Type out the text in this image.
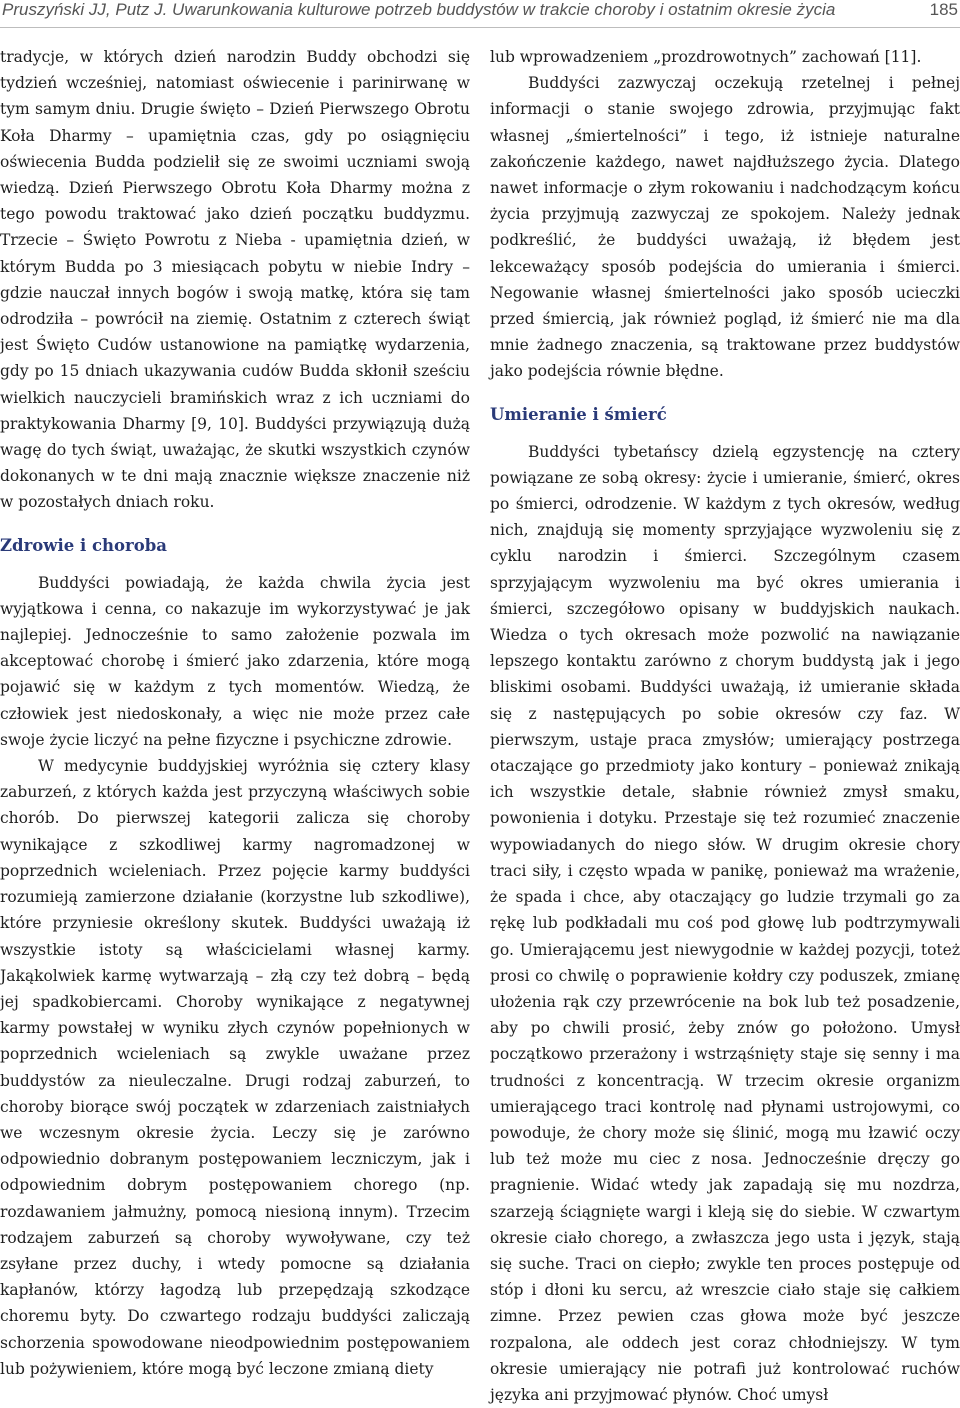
Pruszyński JJ, Putz J. Uwarunkowania kulturowe potrzeb buddystów w trakcie choroby i ostatnim okresie życia	185

tradycje, w których dzień narodzin Buddy obchodzi się tydzień wcześniej, natomiast oświecenie i parinirwanę w tym samym dniu. Drugie święto – Dzień Pierwszego Obrotu Koła Dharmy – upamiętnia czas, gdy po osiągnięciu oświecenia Budda podzielił się ze swoimi uczniami swoją wiedzą. Dzień Pierwszego Obrotu Koła Dharmy można z tego powodu traktować jako dzień początku buddyzmu. Trzecie – Święto Powrotu z Nieba - upamiętnia dzień, w którym Budda po 3 miesiącach pobytu w niebie Indry – gdzie nauczał innych bogów i swoją matkę, która się tam odrodziła – powrócił na ziemię. Ostatnim z czterech świąt jest Święto Cudów ustanowione na pamiątkę wydarzenia, gdy po 15 dniach ukazywania cudów Budda skłonił sześciu wielkich nauczycieli bramińskich wraz z ich uczniami do praktykowania Dharmy [9, 10]. Buddyści przywiązują dużą wagę do tych świąt, uważając, że skutki wszystkich czynów dokonanych w te dni mają znacznie większe znaczenie niż w pozostałych dniach roku.

Zdrowie i choroba

Buddyści powiadają, że każda chwila życia jest wyjątkowa i cenna, co nakazuje im wykorzystywać je jak najlepiej. Jednocześnie to samo założenie pozwala im akceptować chorobę i śmierć jako zdarzenia, które mogą pojawić się w każdym z tych momentów. Wiedzą, że człowiek jest niedoskonały, a więc nie może przez całe swoje życie liczyć na pełne fizyczne i psychiczne zdrowie.

W medycynie buddyjskiej wyróżnia się cztery klasy zaburzeń, z których każda jest przyczyną właściwych sobie chorób. Do pierwszej kategorii zalicza się choroby wynikające z szkodliwej karmy nagromadzonej w poprzednich wcieleniach. Przez pojęcie karmy buddyści rozumieją zamierzone działanie (korzystne lub szkodliwe), które przyniesie określony skutek. Buddyści uważają iż wszystkie istoty są właścicielami własnej karmy. Jakąkolwiek karmę wytwarzają – złą czy też dobrą – będą jej spadkobiercami. Choroby wynikające z negatywnej karmy powstałej w wyniku złych czynów popełnionych w poprzednich wcieleniach są zwykle uważane przez buddystów za nieuleczalne. Drugi rodzaj zaburzeń, to choroby biorące swój początek w zdarzeniach zaistniałych we wczesnym okresie życia. Leczy się je zarówno odpowiednio dobranym postępowaniem leczniczym, jak i odpowiednim dobrym postępowaniem chorego (np. rozdawaniem jałmużny, pomocą niesioną innym). Trzecim rodzajem zaburzeń są choroby wywoływane, czy też zsyłane przez duchy, i wtedy pomocne są działania kapłanów, którzy łagodzą lub przepędzają szkodzące choremu byty. Do czwartego rodzaju buddyści zaliczają schorzenia spowodowane nieodpowiednim postępowaniem lub pożywieniem, które mogą być leczone zmianą diety

lub wprowadzeniem „prozdrowotnych” zachowań [11].

Buddyści zazwyczaj oczekują rzetelnej i pełnej informacji o stanie swojego zdrowia, przyjmując fakt własnej „śmiertelności” i tego, iż istnieje naturalne zakończenie każdego, nawet najdłuższego życia. Dlatego nawet informacje o złym rokowaniu i nadchodzącym końcu życia przyjmują zazwyczaj ze spokojem. Należy jednak podkreślić, że buddyści uważają, iż błędem jest lekceważący sposób podejścia do umierania i śmierci. Negowanie własnej śmiertelności jako sposób ucieczki przed śmiercią, jak również pogląd, iż śmierć nie ma dla mnie żadnego znaczenia, są traktowane przez buddystów jako podejścia równie błędne.

Umieranie i śmierć

Buddyści tybetańscy dzielą egzystencję na cztery powiązane ze sobą okresy: życie i umieranie, śmierć, okres po śmierci, odrodzenie. W każdym z tych okresów, według nich, znajdują się momenty sprzyjające wyzwoleniu się z cyklu narodzin i śmierci. Szczególnym czasem sprzyjającym wyzwoleniu ma być okres umierania i śmierci, szczegółowo opisany w buddyjskich naukach. Wiedza o tych okresach może pozwolić na nawiązanie lepszego kontaktu zarówno z chorym buddystą jak i jego bliskimi osobami. Buddyści uważają, iż umieranie składa się z następujących po sobie okresów czy faz. W pierwszym, ustaje praca zmysłów; umierający postrzega otaczające go przedmioty jako kontury – ponieważ znikają ich wszystkie detale, słabnie również zmysł smaku, powonienia i dotyku. Przestaje się też rozumieć znaczenie wypowiadanych do niego słów. W drugim okresie chory traci siły, i często wpada w panikę, ponieważ ma wrażenie, że spada i chce, aby otaczający go ludzie trzymali go za rękę lub podkładali mu coś pod głowę lub podtrzymywali go. Umierającemu jest niewygodnie w każdej pozycji, toteż prosi co chwilę o poprawienie kołdry czy poduszek, zmianę ułożenia rąk czy przewrócenie na bok lub też posadzenie, aby po chwili prosić, żeby znów go położono. Umysł początkowo przerażony i wstrząśnięty staje się senny i ma trudności z koncentracją. W trzecim okresie organizm umierającego traci kontrolę nad płynami ustrojowymi, co powoduje, że chory może się ślinić, mogą mu łzawić oczy lub też może mu ciec z nosa. Jednocześnie dręczy go pragnienie. Widać wtedy jak zapadają się mu nozdrza, szarzeją ściągnięte wargi i kleją się do siebie. W czwartym okresie ciało chorego, a zwłaszcza jego usta i język, stają się suche. Traci on ciepło; zwykle ten proces postępuje od stóp i dłoni ku sercu, aż wreszcie ciało staje się całkiem zimne. Przez pewien czas głowa może być jeszcze rozpalona, ale oddech jest coraz chłodniejszy. W tym okresie umierający nie potrafi już kontrolować ruchów języka ani przyjmować płynów. Choć umysł
